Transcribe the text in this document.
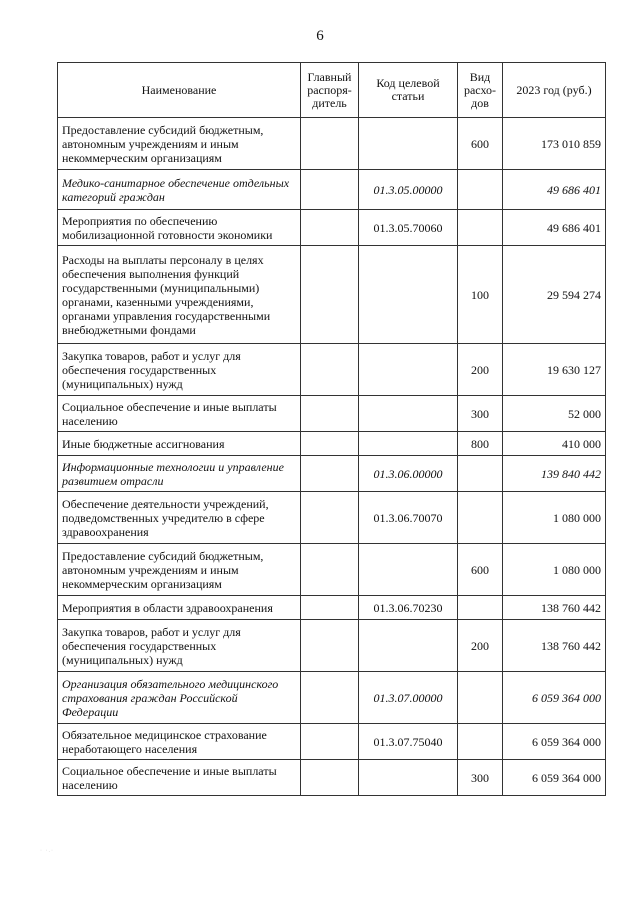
6
Наименование	Главный распоря-дитель	Код целевой статьи	Вид расхо-дов	2023 год (руб.)
Предоставление субсидий бюджетным, автономным учреждениям и иным некоммерческим организациям			600	173 010 859
Медико-санитарное обеспечение отдельных категорий граждан		01.3.05.00000		49 686 401
Мероприятия по обеспечению мобилизационной готовности экономики		01.3.05.70060		49 686 401
Расходы на выплаты персоналу в целях обеспечения выполнения функций государственными (муниципальными) органами, казенными учреждениями, органами управления государственными внебюджетными фондами			100	29 594 274
Закупка товаров, работ и услуг для обеспечения государственных (муниципальных) нужд			200	19 630 127
Социальное обеспечение и иные выплаты населению			300	52 000
Иные бюджетные ассигнования			800	410 000
Информационные технологии и управление развитием отрасли		01.3.06.00000		139 840 442
Обеспечение деятельности учреждений, подведомственных учредителю в сфере здравоохранения		01.3.06.70070		1 080 000
Предоставление субсидий бюджетным, автономным учреждениям и иным некоммерческим организациям			600	1 080 000
Мероприятия в области здравоохранения		01.3.06.70230		138 760 442
Закупка товаров, работ и услуг для обеспечения государственных (муниципальных) нужд			200	138 760 442
Организация обязательного медицинского страхования граждан Российской Федерации		01.3.07.00000		6 059 364 000
Обязательное медицинское страхование неработающего населения		01.3.07.75040		6 059 364 000
Социальное обеспечение и иные выплаты населению			300	6 059 364 000
· ·.·
